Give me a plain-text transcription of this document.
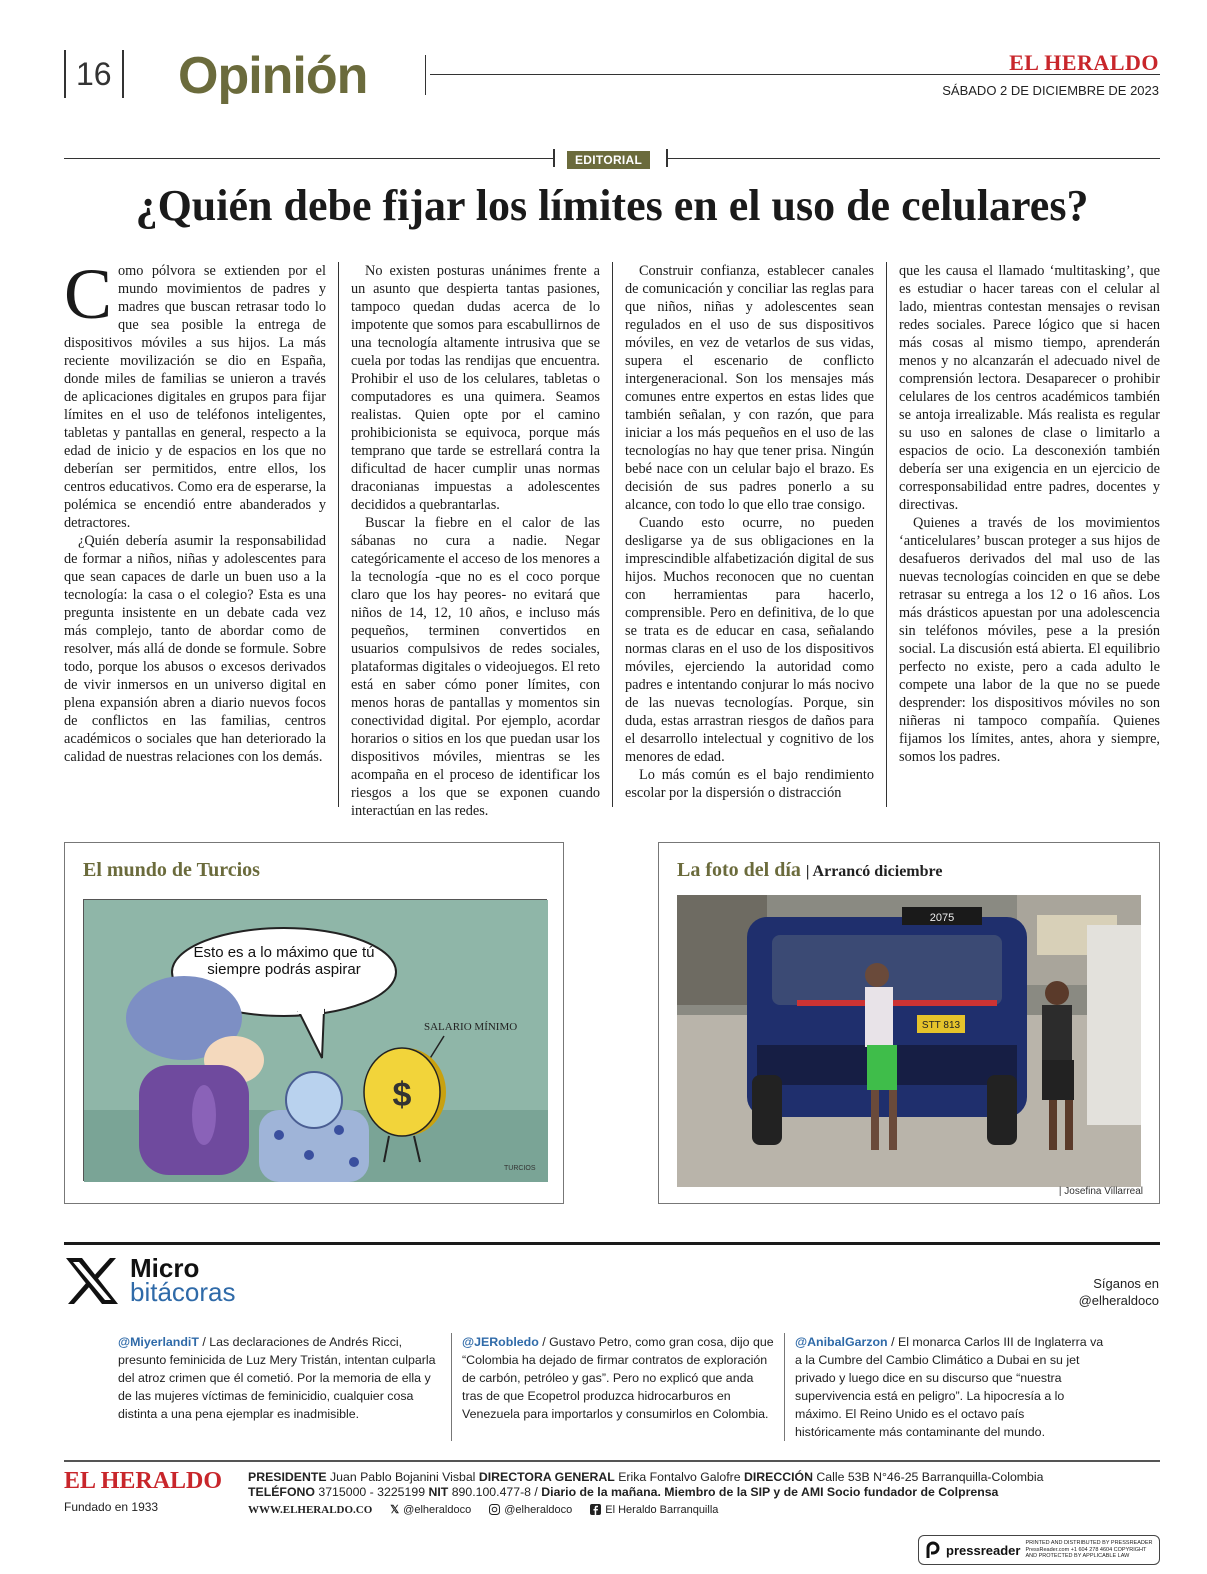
16 Opinión	EL HERALDO
SÁBADO 2 DE DICIEMBRE DE 2023
EDITORIAL
¿Quién debe fijar los límites en el uso de celulares?

Como pólvora se extienden por el mundo movimientos de padres y madres que buscan retrasar todo lo que sea posible la entrega de dispositivos móviles a sus hijos. La más reciente movilización se dio en España, donde miles de familias se unieron a través de aplicaciones digitales en grupos para fijar límites en el uso de teléfonos inteligentes, tabletas y pantallas en general, respecto a la edad de inicio y de espacios en los que no deberían ser permitidos, entre ellos, los centros educativos. Como era de esperarse, la polémica se encendió entre abanderados y detractores.

¿Quién debería asumir la responsabilidad de formar a niños, niñas y adolescentes para que sean capaces de darle un buen uso a la tecnología: la casa o el colegio? Esta es una pregunta insistente en un debate cada vez más complejo, tanto de abordar como de resolver, más allá de donde se formule. Sobre todo, porque los abusos o excesos derivados de vivir inmersos en un universo digital en plena expansión abren a diario nuevos focos de conflictos en las familias, centros académicos o sociales que han deteriorado la calidad de nuestras relaciones con los demás.

No existen posturas unánimes frente a un asunto que despierta tantas pasiones, tampoco quedan dudas acerca de lo impotente que somos para escabullirnos de una tecnología altamente intrusiva que se cuela por todas las rendijas que encuentra. Prohibir el uso de los celulares, tabletas o computadores es una quimera. Seamos realistas. Quien opte por el camino prohibicionista se equivoca, porque más temprano que tarde se estrellará contra la dificultad de hacer cumplir unas normas draconianas impuestas a adolescentes decididos a quebrantarlas.

Buscar la fiebre en el calor de las sábanas no cura a nadie. Negar categóricamente el acceso de los menores a la tecnología -que no es el coco porque claro que los hay peores- no evitará que niños de 14, 12, 10 años, e incluso más pequeños, terminen convertidos en usuarios compulsivos de redes sociales, plataformas digitales o videojuegos. El reto está en saber cómo poner límites, con menos horas de pantallas y momentos sin conectividad digital. Por ejemplo, acordar horarios o sitios en los que puedan usar los dispositivos móviles, mientras se les acompaña en el proceso de identificar los riesgos a los que se exponen cuando interactúan en las redes.

Construir confianza, establecer canales de comunicación y conciliar las reglas para que niños, niñas y adolescentes sean regulados en el uso de sus dispositivos móviles, en vez de vetarlos de sus vidas, supera el escenario de conflicto intergeneracional. Son los mensajes más comunes entre expertos en estas lides que también señalan, y con razón, que para iniciar a los más pequeños en el uso de las tecnologías no hay que tener prisa. Ningún bebé nace con un celular bajo el brazo. Es decisión de sus padres ponerlo a su alcance, con todo lo que ello trae consigo.

Cuando esto ocurre, no pueden desligarse ya de sus obligaciones en la imprescindible alfabetización digital de sus hijos. Muchos reconocen que no cuentan con herramientas para hacerlo, comprensible. Pero en definitiva, de lo que se trata es de educar en casa, señalando normas claras en el uso de los dispositivos móviles, ejerciendo la autoridad como padres e intentando conjurar lo más nocivo de las nuevas tecnologías. Porque, sin duda, estas arrastran riesgos de daños para el desarrollo intelectual y cognitivo de los menores de edad.

Lo más común es el bajo rendimiento escolar por la dispersión o distracción

que les causa el llamado ‘multitasking’, que es estudiar o hacer tareas con el celular al lado, mientras contestan mensajes o revisan redes sociales. Parece lógico que si hacen más cosas al mismo tiempo, aprenderán menos y no alcanzarán el adecuado nivel de comprensión lectora. Desaparecer o prohibir celulares de los centros académicos también se antoja irrealizable. Más realista es regular su uso en salones de clase o limitarlo a espacios de ocio. La desconexión también debería ser una exigencia en un ejercicio de corresponsabilidad entre padres, docentes y directivas.

Quienes a través de los movimientos ‘anticelulares’ buscan proteger a sus hijos de desafueros derivados del mal uso de las nuevas tecnologías coinciden en que se debe retrasar su entrega a los 12 o 16 años. Los más drásticos apuestan por una adolescencia sin teléfonos móviles, pese a la presión social. La discusión está abierta. El equilibrio perfecto no existe, pero a cada adulto le compete una labor de la que no se puede desprender: los dispositivos móviles no son niñeras ni tampoco compañía. Quienes fijamos los límites, antes, ahora y siempre, somos los padres.

El mundo de Turcios
Esto es a lo máximo que tú siempre podrás aspirar
SALARIO MÍNIMO
$
TURCIOS
La foto del día | Arrancó diciembre
2075
STT 813
| Josefina Villarreal
Micro
bitácoras	Síganos en
@elheraldoco
@MiyerlandiT / Las declaraciones de Andrés Ricci, presunto feminicida de Luz Mery Tristán, intentan culparla del atroz crimen que él cometió. Por la memoria de ella y de las mujeres víctimas de feminicidio, cualquier cosa distinta a una pena ejemplar es inadmisible.
@JERobledo / Gustavo Petro, como gran cosa, dijo que “Colombia ha dejado de firmar contratos de exploración de carbón, petróleo y gas”. Pero no explicó que anda tras de que Ecopetrol produzca hidrocarburos en Venezuela para importarlos y consumirlos en Colombia.
@AnibalGarzon / El monarca Carlos III de Inglaterra va a la Cumbre del Cambio Climático a Dubai en su jet privado y luego dice en su discurso que “nuestra supervivencia está en peligro”. La hipocresía a lo máximo. El Reino Unido es el octavo país históricamente más contaminante del mundo.
EL HERALDO
Fundado en 1933
PRESIDENTE Juan Pablo Bojanini Visbal DIRECTORA GENERAL Erika Fontalvo Galofre DIRECCIÓN Calle 53B N°46-25 Barranquilla-Colombia
TELÉFONO 3715000 - 3225199 NIT 890.100.477-8 / Diario de la mañana. Miembro de la SIP y de AMI Socio fundador de Colprensa
WWW.ELHERALDO.CO 𝕏 @elheraldoco	@elheraldoco	El Heraldo Barranquilla
pressreader PRINTED AND DISTRIBUTED BY PRESSREADER PressReader.com +1 604 278 4604 COPYRIGHT AND PROTECTED BY APPLICABLE LAW
